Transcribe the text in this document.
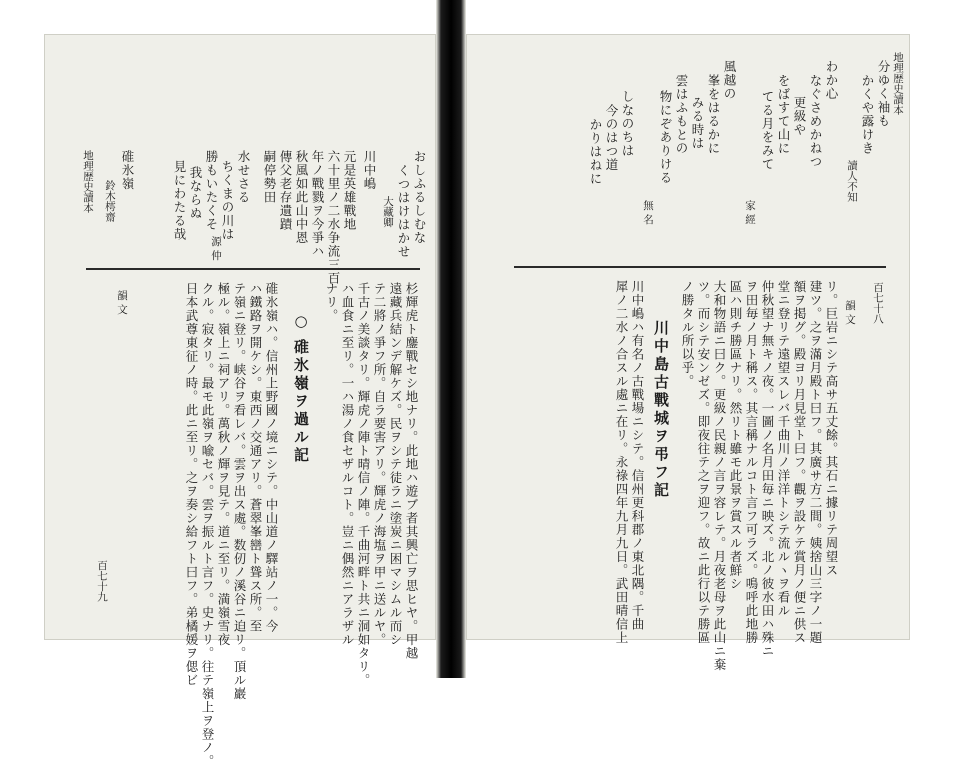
地理歴史讀本
分ゆく袖も
かくや露けき
讀人不知
わか心
なぐさめかねつ
更級や
をばすて山に
てる月をみて
家 經
風越の
峯をはるかに
みる時は
雲はふもとの
物にぞありける
無 名
しなのちは
今のはつ道
かりはねに
百七十八
韻 文
リ。巨岩ニシテ高サ五丈餘。其石ニ據リテ周望ス
建ツ。之ヲ滿月殿ト曰フ。其廣サ方二間。姨捨山三字ノ一題
額ヲ掲グ。殿ヨリ月見堂ト曰フ。觀ヲ設ケテ賞月ノ便ニ供ス
堂ニ登リテ遠望スレバ千曲川ノ洋洋トシテ流ルヽヲ看ル
仲秋望ナ無キノ夜。一圖ノ名月田毎ニ映ズ。北ノ彼水田ハ殊ニ
ヲ田毎ノ月ト稱ス。其言稱ナルコト言フ可ラズ。鳴呼此地勝
區ハ則チ勝區ナリ。然リト雖モ此景ヲ賞スル者鮮シ
大和物語ニ曰ク。更級ノ民親ノ言ヲ容レテ。月夜老母ヲ此山ニ棄
ツ。而シテ安ンゼズ。即夜往テ之ヲ迎フ。故ニ此行以テ勝區
ノ勝タル所以乎。
川中島古戰城ヲ弔フ記
川中嶋ハ有名ノ古戰場ニシテ。信州更科郡ノ東北隅。千曲
犀ノ二水ノ合スル處ニ在リ。永祿四年九月九日。武田晴信上
おしふるしむな
くつはけはかせ
大藏卿
川中嶋
元是英雄戰地
六十里ノ二水争流三百
年ノ戰戮ヲ今爭ハ
秋風如此山中恩
傳父老存遺蹟
嗣停勢田
水せさる
ちくまの川は
勝もいたくそ
我ならぬ
見にわたる哉
源 仲
碓氷嶺
鈴木樗齋
地理歴史讀本
杉輝虎ト鏖戰セシ地ナリ。此地ハ遊ブ者其興亡ヲ思ヒヤ。甲越
遠藏兵結ンデ解ケズ。民ヲシテ徒ラニ塗炭ニ困マシムル而シ
テ二將ノ爭フ所。自ラ要害アリ。輝虎ノ海塩ヲ甲ニ送ルヤ。
千古ノ美談タリ。輝虎ノ陣ト晴信ノ陣。千曲河畔ト共ニ洞如タリ。
ハ血食ニ至リ。一ハ湯ノ食セザルコト。豈ニ偶然ニアラザル
ナリ。
○碓氷嶺ヲ過ル記
碓氷嶺ハ。信州上野國ノ境ニシテ。中山道ノ驛站ノ一。今
ハ鐵路ヲ開ケシ。東西ノ交通アリ。蒼翠峯巒ト聳ス所。至
テ嶺ニ登リ。峡谷ヲ看レバ。雲ヲ出ス處。数仞ノ溪谷ニ迫リ。頂ル巖
極ル。嶺上ニ祠アリ。萬秋ノ輝ヲ見テ。道ニ至リ。満嶺雪夜
クル。寂タリ。最モ此嶺ヲ喩セバ。雲ヲ振ルト言フ。史ナリ。往テ嶺上ヲ登ノ。
日本武尊東征ノ時。此ニ至リ。之ヲ奏シ給フト曰フ。弟橘媛ヲ偲ビ
韻 文
百七十九
